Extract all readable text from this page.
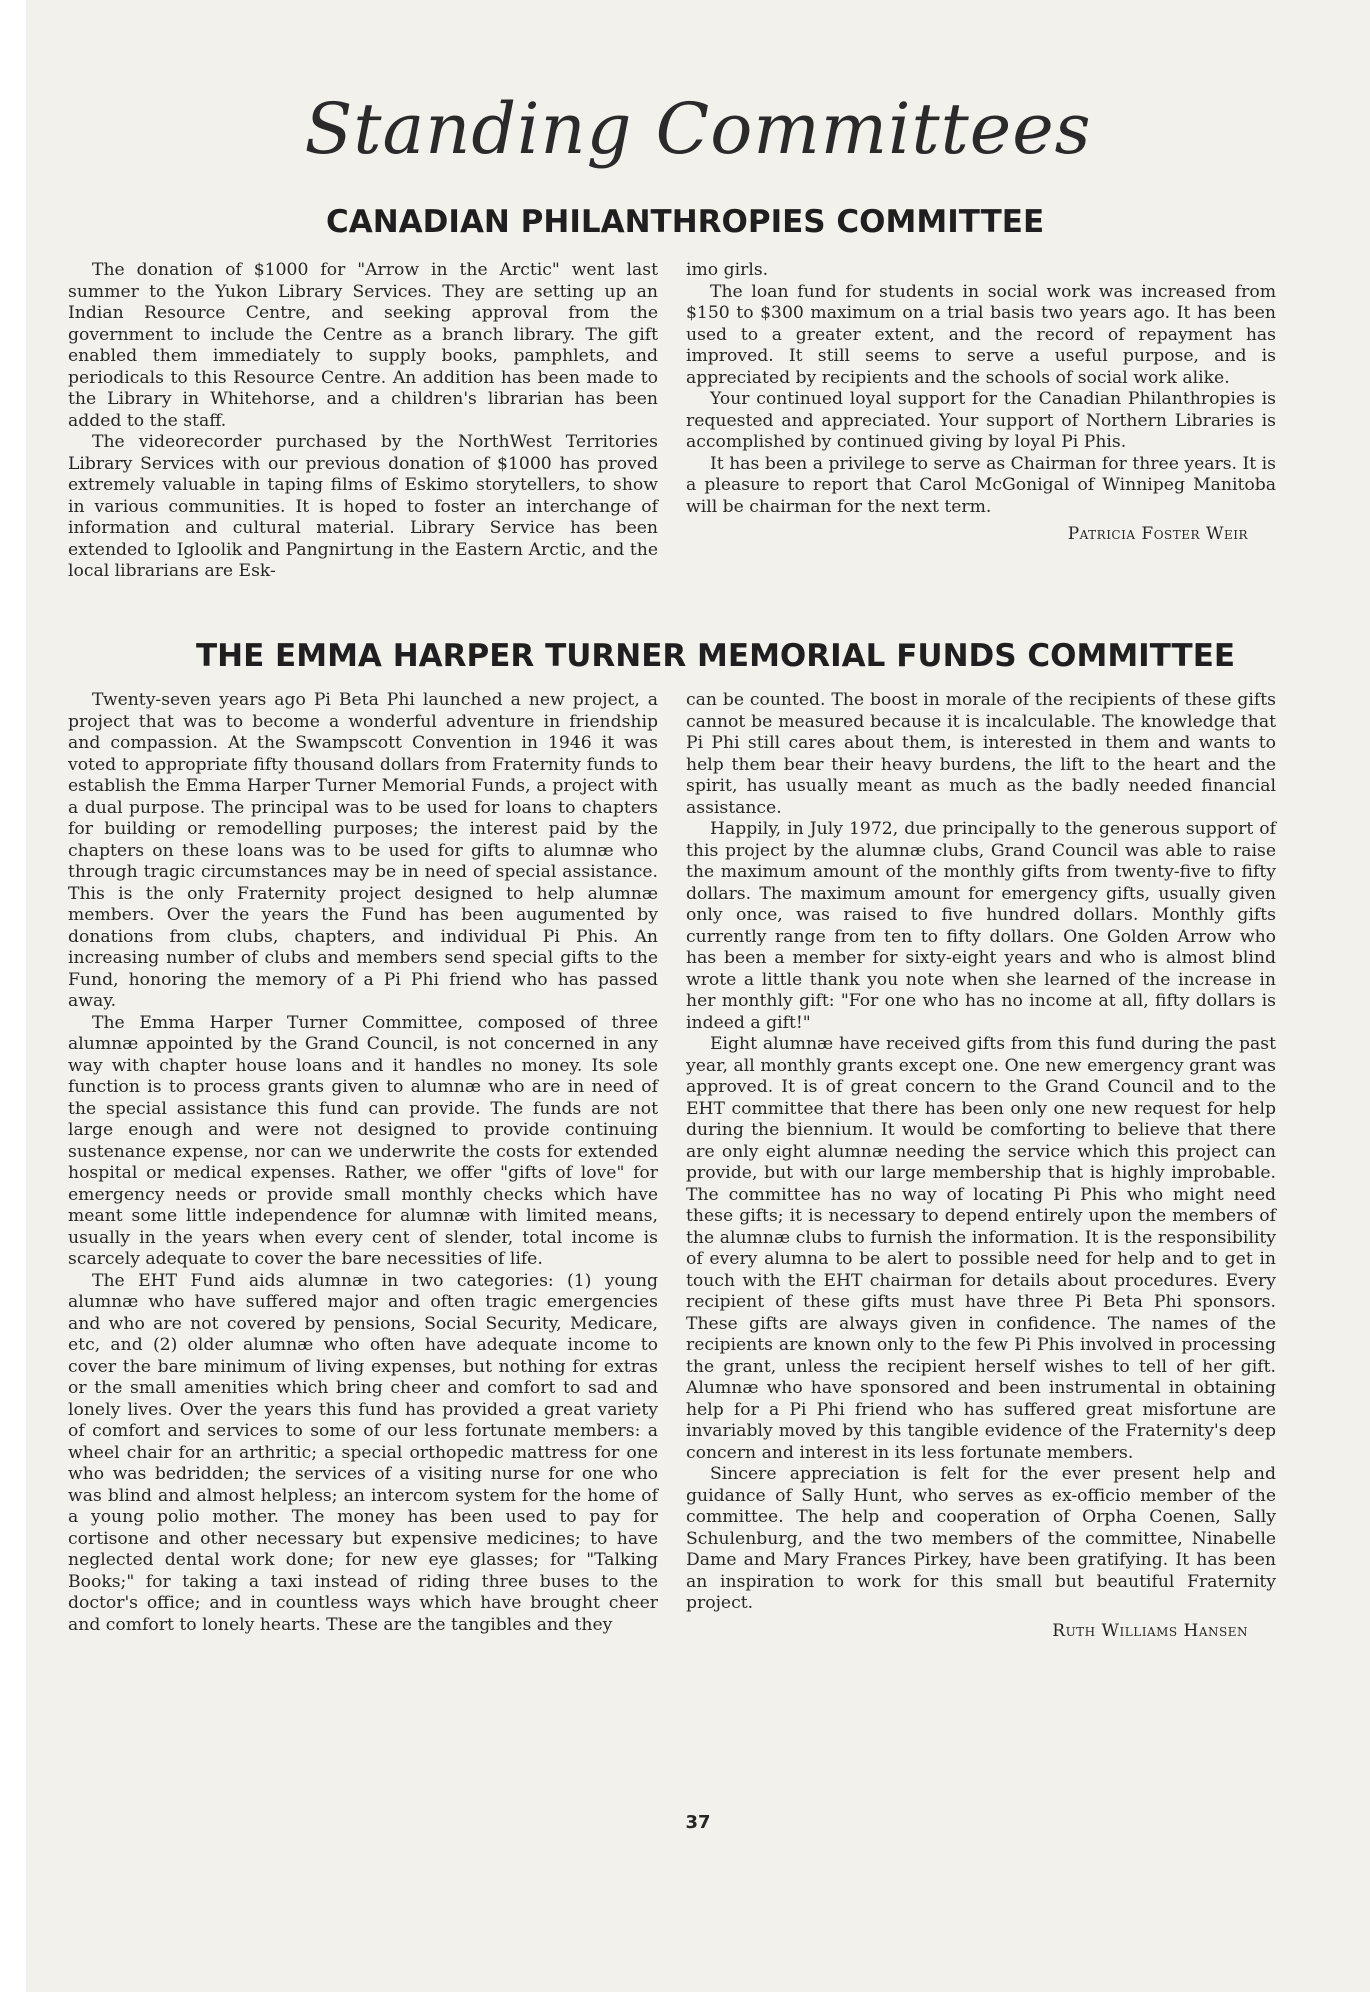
Standing Committees
CANADIAN PHILANTHROPIES COMMITTEE

The donation of $1000 for "Arrow in the Arctic" went last summer to the Yukon Library Services. They are setting up an Indian Resource Centre, and seeking approval from the government to include the Centre as a branch library. The gift enabled them immediately to supply books, pamphlets, and periodicals to this Resource Centre. An addition has been made to the Library in Whitehorse, and a children's librarian has been added to the staff.

The videorecorder purchased by the NorthWest Territories Library Services with our previous donation of $1000 has proved extremely valuable in taping films of Eskimo storytellers, to show in various communities. It is hoped to foster an interchange of information and cultural material. Library Service has been extended to Igloolik and Pangnirtung in the Eastern Arctic, and the local librarians are Esk-

imo girls.

The loan fund for students in social work was increased from $150 to $300 maximum on a trial basis two years ago. It has been used to a greater extent, and the record of repayment has improved. It still seems to serve a useful purpose, and is appreciated by recipients and the schools of social work alike.

Your continued loyal support for the Canadian Philanthropies is requested and appreciated. Your support of Northern Libraries is accomplished by continued giving by loyal Pi Phis.

It has been a privilege to serve as Chairman for three years. It is a pleasure to report that Carol McGonigal of Winnipeg Manitoba will be chairman for the next term.

Patricia Foster Weir
THE EMMA HARPER TURNER MEMORIAL FUNDS COMMITTEE

Twenty-seven years ago Pi Beta Phi launched a new project, a project that was to become a wonderful adventure in friendship and compassion. At the Swampscott Convention in 1946 it was voted to appropriate fifty thousand dollars from Fraternity funds to establish the Emma Harper Turner Memorial Funds, a project with a dual purpose. The principal was to be used for loans to chapters for building or remodelling purposes; the interest paid by the chapters on these loans was to be used for gifts to alumnæ who through tragic circumstances may be in need of special assistance. This is the only Fraternity project designed to help alumnæ members. Over the years the Fund has been augumented by donations from clubs, chapters, and individual Pi Phis. An increasing number of clubs and members send special gifts to the Fund, honoring the memory of a Pi Phi friend who has passed away.

The Emma Harper Turner Committee, composed of three alumnæ appointed by the Grand Council, is not concerned in any way with chapter house loans and it handles no money. Its sole function is to process grants given to alumnæ who are in need of the special assistance this fund can provide. The funds are not large enough and were not designed to provide continuing sustenance expense, nor can we underwrite the costs for extended hospital or medical expenses. Rather, we offer "gifts of love" for emergency needs or provide small monthly checks which have meant some little independence for alumnæ with limited means, usually in the years when every cent of slender, total income is scarcely adequate to cover the bare necessities of life.

The EHT Fund aids alumnæ in two categories: (1) young alumnæ who have suffered major and often tragic emergencies and who are not covered by pensions, Social Security, Medicare, etc, and (2) older alumnæ who often have adequate income to cover the bare minimum of living expenses, but nothing for extras or the small amenities which bring cheer and comfort to sad and lonely lives. Over the years this fund has provided a great variety of comfort and services to some of our less fortunate members: a wheel chair for an arthritic; a special orthopedic mattress for one who was bedridden; the services of a visiting nurse for one who was blind and almost helpless; an intercom system for the home of a young polio mother. The money has been used to pay for cortisone and other necessary but expensive medicines; to have neglected dental work done; for new eye glasses; for "Talking Books;" for taking a taxi instead of riding three buses to the doctor's office; and in countless ways which have brought cheer and comfort to lonely hearts. These are the tangibles and they

can be counted. The boost in morale of the recipients of these gifts cannot be measured because it is incalculable. The knowledge that Pi Phi still cares about them, is interested in them and wants to help them bear their heavy burdens, the lift to the heart and the spirit, has usually meant as much as the badly needed financial assistance.

Happily, in July 1972, due principally to the generous support of this project by the alumnæ clubs, Grand Council was able to raise the maximum amount of the monthly gifts from twenty-five to fifty dollars. The maximum amount for emergency gifts, usually given only once, was raised to five hundred dollars. Monthly gifts currently range from ten to fifty dollars. One Golden Arrow who has been a member for sixty-eight years and who is almost blind wrote a little thank you note when she learned of the increase in her monthly gift: "For one who has no income at all, fifty dollars is indeed a gift!"

Eight alumnæ have received gifts from this fund during the past year, all monthly grants except one. One new emergency grant was approved. It is of great concern to the Grand Council and to the EHT committee that there has been only one new request for help during the biennium. It would be comforting to believe that there are only eight alumnæ needing the service which this project can provide, but with our large membership that is highly improbable. The committee has no way of locating Pi Phis who might need these gifts; it is necessary to depend entirely upon the members of the alumnæ clubs to furnish the information. It is the responsibility of every alumna to be alert to possible need for help and to get in touch with the EHT chairman for details about procedures. Every recipient of these gifts must have three Pi Beta Phi sponsors. These gifts are always given in confidence. The names of the recipients are known only to the few Pi Phis involved in processing the grant, unless the recipient herself wishes to tell of her gift. Alumnæ who have sponsored and been instrumental in obtaining help for a Pi Phi friend who has suffered great misfortune are invariably moved by this tangible evidence of the Fraternity's deep concern and interest in its less fortunate members.

Sincere appreciation is felt for the ever present help and guidance of Sally Hunt, who serves as ex-officio member of the committee. The help and cooperation of Orpha Coenen, Sally Schulenburg, and the two members of the committee, Ninabelle Dame and Mary Frances Pirkey, have been gratifying. It has been an inspiration to work for this small but beautiful Fraternity project.

Ruth Williams Hansen
37
